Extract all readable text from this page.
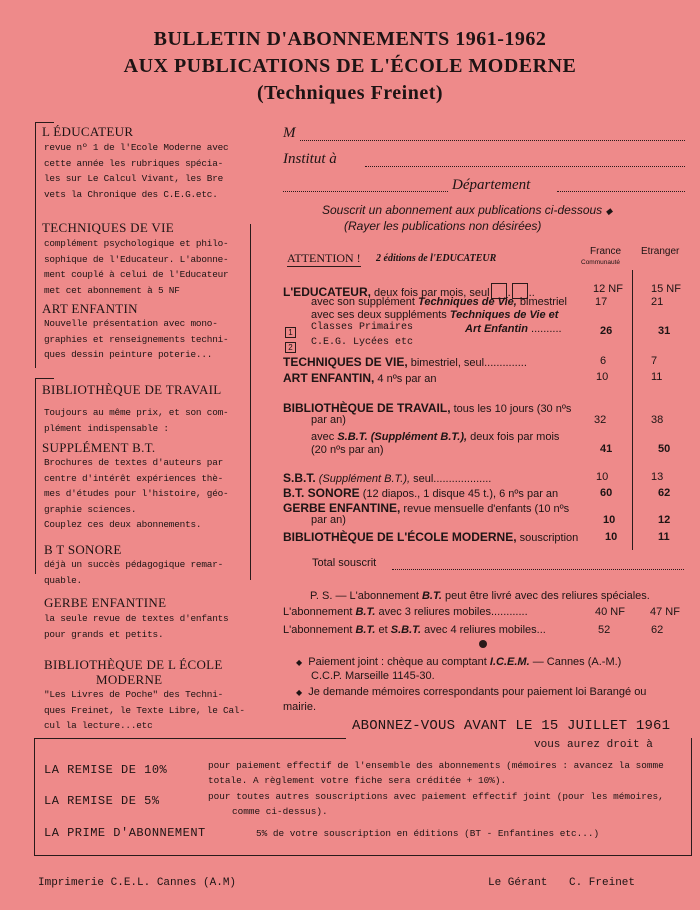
BULLETIN D'ABONNEMENTS 1961-1962
AUX PUBLICATIONS DE L'ÉCOLE MODERNE
(Techniques Freinet)
L ÉDUCATEUR
revue nº 1 de l'Ecole Moderne avec
cette année les rubriques spécia-
les sur Le Calcul Vivant, les Bre
vets la Chronique des C.E.G.etc.
TECHNIQUES DE VIE
complément psychologique et philo-
sophique de l'Educateur. L'abonne-
ment couplé à celui de l'Educateur
met cet abonnement à 5 NF
ART ENFANTIN
Nouvelle présentation avec mono-
graphies et renseignements techni-
ques dessin peinture poterie...
BIBLIOTHÈQUE DE TRAVAIL
Toujours au même prix, et son com-
plément indispensable :
SUPPLÉMENT B.T.
Brochures de textes d'auteurs par
centre d'intérêt expériences thè-
mes d'études pour l'histoire, géo-
graphie sciences.
Couplez ces deux abonnements.
B T SONORE
déjà un succès pédagogique remar-
quable.
GERBE ENFANTINE
la seule revue de textes d'enfants
pour grands et petits.
BIBLIOTHÈQUE DE L ÉCOLE
MODERNE
"Les Livres de Poche" des Techni-
ques Freinet, le Texte Libre, le Cal-
cul la lecture...etc
M
Institut à
Département
Souscrit un abonnement aux publications ci-dessous ◆
(Rayer les publications non désirées)
ATTENTION ! 2 éditions de l'EDUCATEUR
France
Communauté
Etranger
L'EDUCATEUR, deux fois par mois, seul . ..	12 NF	15 NF
avec son supplément Techniques de Vie, bimestriel	17	21
avec ses deux suppléments Techniques de Vie et
1	Classes Primaires	Art Enfantin ..........	26	31
2	C.E.G. Lycées etc
TECHNIQUES DE VIE, bimestriel, seul..............	6	7
ART ENFANTIN, 4 nºs par an	10	11
BIBLIOTHÈQUE DE TRAVAIL, tous les 10 jours (30 nºs
par an)	32	38
avec S.B.T. (Supplément B.T.), deux fois par mois
(20 nºs par an)	41	50
S.B.T. (Supplément B.T.), seul...................	10	13
B.T. SONORE (12 diapos., 1 disque 45 t.), 6 nºs par an	60	62
GERBE ENFANTINE, revue mensuelle d'enfants (10 nºs
par an)	10	12
BIBLIOTHÈQUE DE L'ÉCOLE MODERNE, souscription 10	11
Total souscrit
P. S. — L'abonnement B.T. peut être livré avec des reliures spéciales.
L'abonnement B.T. avec 3 reliures mobiles............	40 NF 47 NF
L'abonnement B.T. et S.B.T. avec 4 reliures mobiles...	52	62
◆ Paiement joint : chèque au comptant I.C.E.M. — Cannes (A.-M.)
C.C.P. Marseille 1145-30.
◆ Je demande mémoires correspondants pour paiement loi Barangé ou
mairie.
ABONNEZ-VOUS AVANT LE 15 JUILLET 1961
vous aurez droit à
LA REMISE DE 10%	pour paiement effectif de l'ensemble des abonnements (mémoires : avancez la somme
totale. A règlement votre fiche sera créditée + 10%).
LA REMISE DE 5%	pour toutes autres souscriptions avec paiement effectif joint (pour les mémoires,
comme ci-dessus).
LA PRIME D'ABONNEMENT	5% de votre souscription en éditions (BT - Enfantines etc...)
Imprimerie C.E.L. Cannes (A.M)	Le Gérant C. Freinet
